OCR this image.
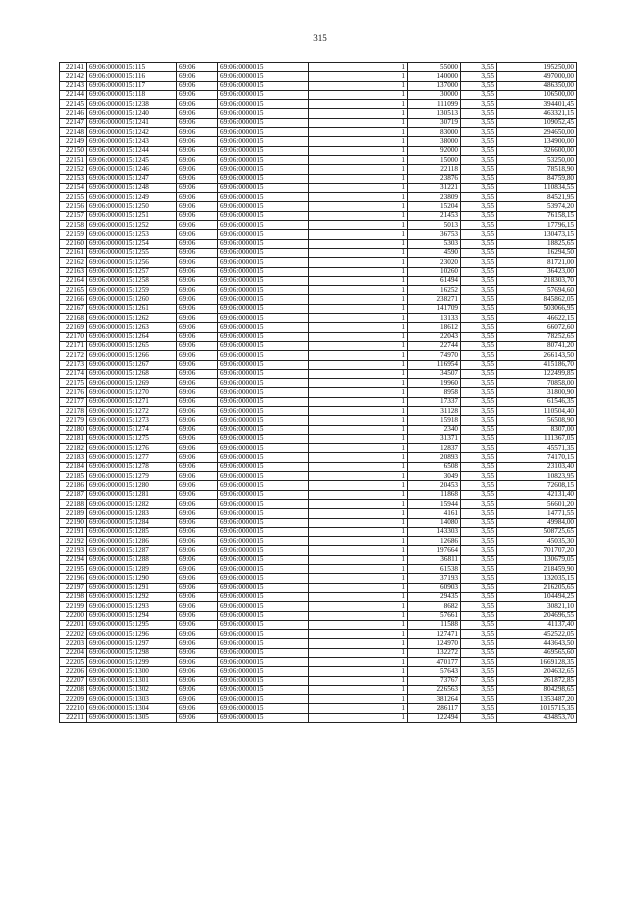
315
22141	69:06:0000015:115	69:06	69:06:0000015	1	55000	3,55	195250,00
22142	69:06:0000015:116	69:06	69:06:0000015	1	140000	3,55	497000,00
22143	69:06:0000015:117	69:06	69:06:0000015	1	137000	3,55	486350,00
22144	69:06:0000015:118	69:06	69:06:0000015	1	30000	3,55	106500,00
22145	69:06:0000015:1238	69:06	69:06:0000015	1	111099	3,55	394401,45
22146	69:06:0000015:1240	69:06	69:06:0000015	1	130513	3,55	463321,15
22147	69:06:0000015:1241	69:06	69:06:0000015	1	30719	3,55	109052,45
22148	69:06:0000015:1242	69:06	69:06:0000015	1	83000	3,55	294650,00
22149	69:06:0000015:1243	69:06	69:06:0000015	1	38000	3,55	134900,00
22150	69:06:0000015:1244	69:06	69:06:0000015	1	92000	3,55	326600,00
22151	69:06:0000015:1245	69:06	69:06:0000015	1	15000	3,55	53250,00
22152	69:06:0000015:1246	69:06	69:06:0000015	1	22118	3,55	78518,90
22153	69:06:0000015:1247	69:06	69:06:0000015	1	23876	3,55	84759,80
22154	69:06:0000015:1248	69:06	69:06:0000015	1	31221	3,55	110834,55
22155	69:06:0000015:1249	69:06	69:06:0000015	1	23809	3,55	84521,95
22156	69:06:0000015:1250	69:06	69:06:0000015	1	15204	3,55	53974,20
22157	69:06:0000015:1251	69:06	69:06:0000015	1	21453	3,55	76158,15
22158	69:06:0000015:1252	69:06	69:06:0000015	1	5013	3,55	17796,15
22159	69:06:0000015:1253	69:06	69:06:0000015	1	36753	3,55	130473,15
22160	69:06:0000015:1254	69:06	69:06:0000015	1	5303	3,55	18825,65
22161	69:06:0000015:1255	69:06	69:06:0000015	1	4590	3,55	16294,50
22162	69:06:0000015:1256	69:06	69:06:0000015	1	23020	3,55	81721,00
22163	69:06:0000015:1257	69:06	69:06:0000015	1	10260	3,55	36423,00
22164	69:06:0000015:1258	69:06	69:06:0000015	1	61494	3,55	218303,70
22165	69:06:0000015:1259	69:06	69:06:0000015	1	16252	3,55	57694,60
22166	69:06:0000015:1260	69:06	69:06:0000015	1	238271	3,55	845862,05
22167	69:06:0000015:1261	69:06	69:06:0000015	1	141709	3,55	503066,95
22168	69:06:0000015:1262	69:06	69:06:0000015	1	13133	3,55	46622,15
22169	69:06:0000015:1263	69:06	69:06:0000015	1	18612	3,55	66072,60
22170	69:06:0000015:1264	69:06	69:06:0000015	1	22043	3,55	78252,65
22171	69:06:0000015:1265	69:06	69:06:0000015	1	22744	3,55	80741,20
22172	69:06:0000015:1266	69:06	69:06:0000015	1	74970	3,55	266143,50
22173	69:06:0000015:1267	69:06	69:06:0000015	1	116954	3,55	415186,70
22174	69:06:0000015:1268	69:06	69:06:0000015	1	34507	3,55	122499,85
22175	69:06:0000015:1269	69:06	69:06:0000015	1	19960	3,55	70858,00
22176	69:06:0000015:1270	69:06	69:06:0000015	1	8958	3,55	31800,90
22177	69:06:0000015:1271	69:06	69:06:0000015	1	17337	3,55	61546,35
22178	69:06:0000015:1272	69:06	69:06:0000015	1	31128	3,55	110504,40
22179	69:06:0000015:1273	69:06	69:06:0000015	1	15918	3,55	56508,90
22180	69:06:0000015:1274	69:06	69:06:0000015	1	2340	3,55	8307,00
22181	69:06:0000015:1275	69:06	69:06:0000015	1	31371	3,55	111367,05
22182	69:06:0000015:1276	69:06	69:06:0000015	1	12837	3,55	45571,35
22183	69:06:0000015:1277	69:06	69:06:0000015	1	20893	3,55	74170,15
22184	69:06:0000015:1278	69:06	69:06:0000015	1	6508	3,55	23103,40
22185	69:06:0000015:1279	69:06	69:06:0000015	1	3049	3,55	10823,95
22186	69:06:0000015:1280	69:06	69:06:0000015	1	20453	3,55	72608,15
22187	69:06:0000015:1281	69:06	69:06:0000015	1	11868	3,55	42131,40
22188	69:06:0000015:1282	69:06	69:06:0000015	1	15944	3,55	56601,20
22189	69:06:0000015:1283	69:06	69:06:0000015	1	4161	3,55	14771,55
22190	69:06:0000015:1284	69:06	69:06:0000015	1	14080	3,55	49984,00
22191	69:06:0000015:1285	69:06	69:06:0000015	1	143303	3,55	508725,65
22192	69:06:0000015:1286	69:06	69:06:0000015	1	12686	3,55	45035,30
22193	69:06:0000015:1287	69:06	69:06:0000015	1	197664	3,55	701707,20
22194	69:06:0000015:1288	69:06	69:06:0000015	1	36811	3,55	130679,05
22195	69:06:0000015:1289	69:06	69:06:0000015	1	61538	3,55	218459,90
22196	69:06:0000015:1290	69:06	69:06:0000015	1	37193	3,55	132035,15
22197	69:06:0000015:1291	69:06	69:06:0000015	1	60903	3,55	216205,65
22198	69:06:0000015:1292	69:06	69:06:0000015	1	29435	3,55	104494,25
22199	69:06:0000015:1293	69:06	69:06:0000015	1	8682	3,55	30821,10
22200	69:06:0000015:1294	69:06	69:06:0000015	1	57661	3,55	204696,55
22201	69:06:0000015:1295	69:06	69:06:0000015	1	11588	3,55	41137,40
22202	69:06:0000015:1296	69:06	69:06:0000015	1	127471	3,55	452522,05
22203	69:06:0000015:1297	69:06	69:06:0000015	1	124970	3,55	443643,50
22204	69:06:0000015:1298	69:06	69:06:0000015	1	132272	3,55	469565,60
22205	69:06:0000015:1299	69:06	69:06:0000015	1	470177	3,55	1669128,35
22206	69:06:0000015:1300	69:06	69:06:0000015	1	57643	3,55	204632,65
22207	69:06:0000015:1301	69:06	69:06:0000015	1	73767	3,55	261872,85
22208	69:06:0000015:1302	69:06	69:06:0000015	1	226563	3,55	804298,65
22209	69:06:0000015:1303	69:06	69:06:0000015	1	381264	3,55	1353487,20
22210	69:06:0000015:1304	69:06	69:06:0000015	1	286117	3,55	1015715,35
22211	69:06:0000015:1305	69:06	69:06:0000015	1	122494	3,55	434853,70
